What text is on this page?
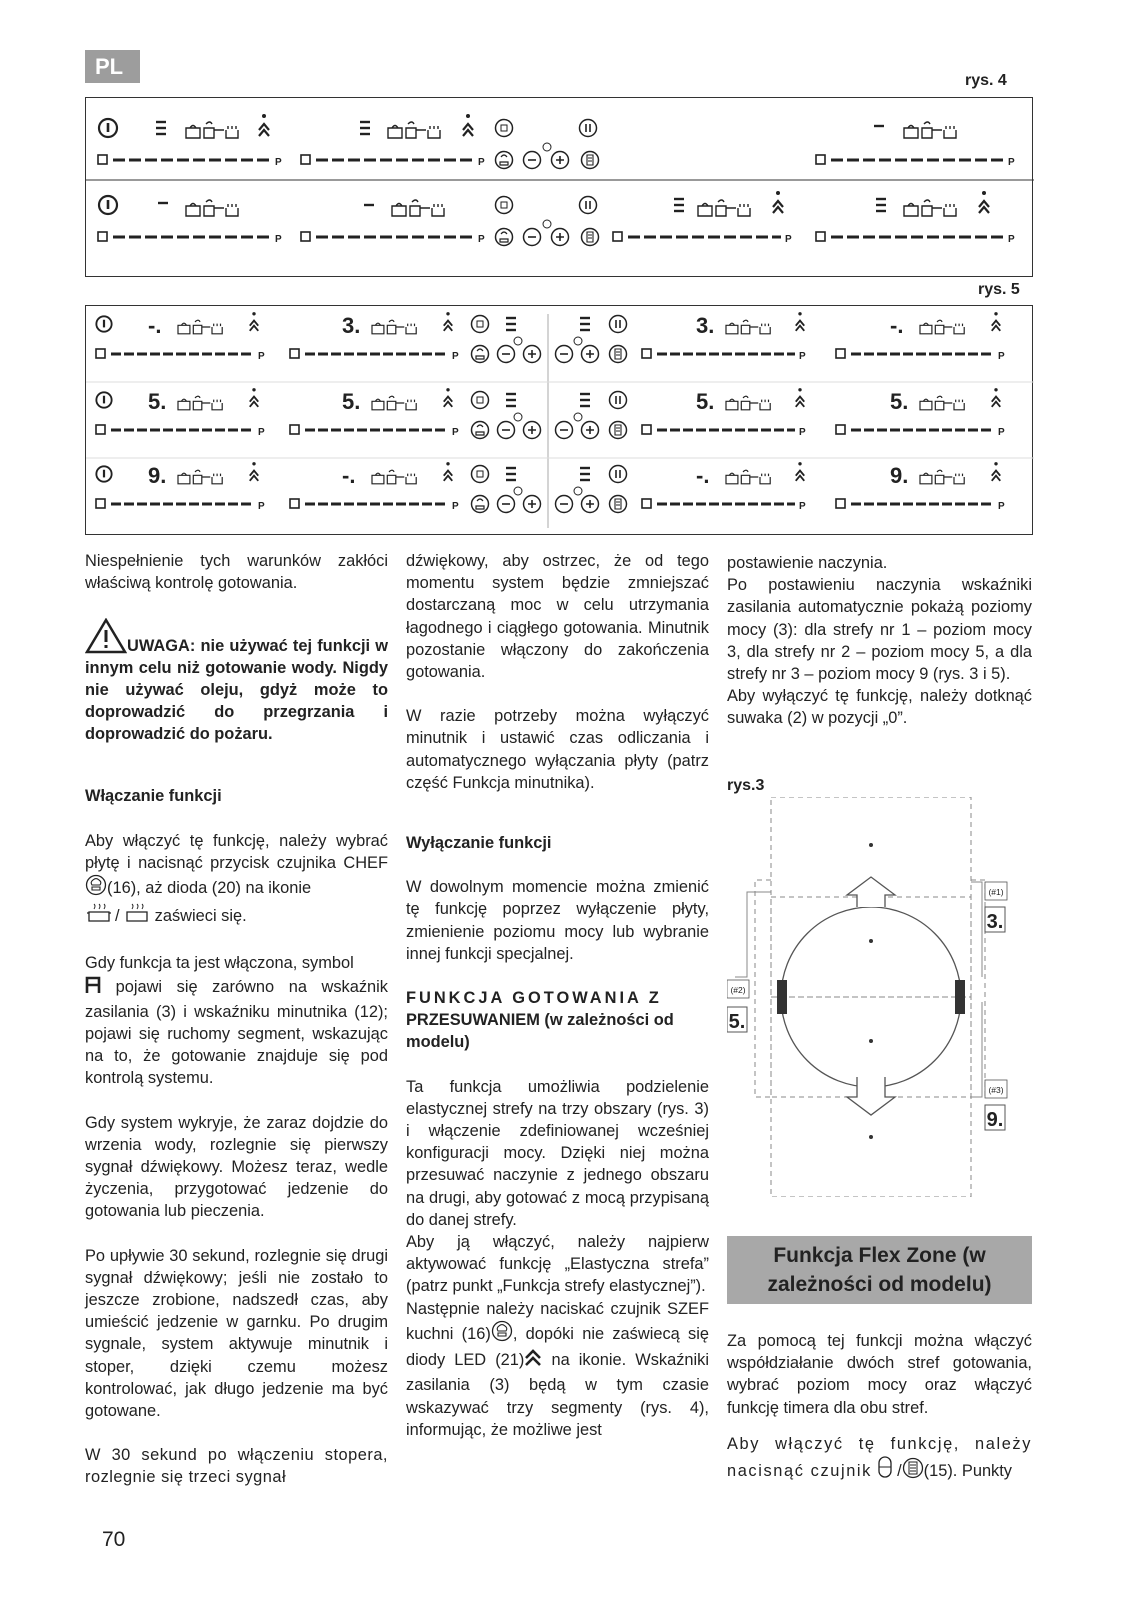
PL
rys. 4
P	P	P
P	P	P	P
rys. 5
-.	3.	3.	-.
P	P	P	P
5.	5.	5.	5.
P	P	P	P
9.	-.	-.	9.
P	P	P	P

Niespełnienie tych warunków zakłóci właściwą kontrolę gotowania.

UWAGA: nie używać tej funkcji w innym celu niż gotowanie wody. Nigdy nie używać oleju, gdyż może to doprowadzić do przegrzania i doprowadzić do pożaru.

Włączanie funkcji

Aby włączyć tę funkcję, należy wybrać płytę i nacisnąć przycisk czujnika CHEF(16), aż dioda (20) na ikonie
/  zaświeci się.

Gdy funkcja ta jest włączona, symbol
pojawi się zarówno na wskaźnik zasilania (3) i wskaźniku minutnika (12); pojawi się ruchomy segment, wskazując na to, że gotowanie znajduje się pod kontrolą systemu.

Gdy system wykryje, że zaraz dojdzie do wrzenia wody, rozlegnie się pierwszy sygnał dźwiękowy. Możesz teraz, wedle życzenia, przygotować jedzenie do gotowania lub pieczenia.

Po upływie 30 sekund, rozlegnie się drugi sygnał dźwiękowy; jeśli nie zostało to jeszcze zrobione, nadszedł czas, aby umieścić jedzenie w garnku. Po drugim sygnale, system aktywuje minutnik i stoper, dzięki czemu możesz kontrolować, jak długo jedzenie ma być gotowane.

W 30 sekund po włączeniu stopera, rozlegnie się trzeci sygnał

dźwiękowy, aby ostrzec, że od tego momentu system będzie zmniejszać dostarczaną moc w celu utrzymania łagodnego i ciągłego gotowania. Minutnik pozostanie włączony do zakończenia gotowania.

W razie potrzeby można wyłączyć minutnik i ustawić czas odliczania i automatycznego wyłączania płyty (patrz część Funkcja minutnika).

Wyłączanie funkcji

W dowolnym momencie można zmienić tę funkcję poprzez wyłączenie płyty, zmienienie poziomu mocy lub wybranie innej funkcji specjalnej.

FUNKCJA GOTOWANIA Z
PRZESUWANIEM (w zależności od modelu)

Ta funkcja umożliwia podzielenie elastycznej strefy na trzy obszary (rys. 3) i włączenie zdefiniowanej wcześniej konfiguracji mocy. Dzięki niej można przesuwać naczynie z jednego obszaru na drugi, aby gotować z mocą przypisaną do danej strefy.

Aby ją włączyć, należy najpierw aktywować funkcję „Elastyczna strefa” (patrz punkt „Funkcja strefy elastycznej”).

Następnie należy naciskać czujnik SZEF kuchni (16) , dopóki nie zaświecą się diody LED (21) na ikonie. Wskaźniki zasilania (3) będą w tym czasie wskazywać trzy segmenty (rys. 4), informując, że możliwe jest

postawienie naczynia.

Po postawieniu naczynia wskaźniki zasilania automatycznie pokażą poziomy mocy (3): dla strefy nr 1 – poziom mocy 3, dla strefy nr 2 – poziom mocy 5, a dla strefy nr 3 – poziom mocy 9 (rys. 3 i 5).

Aby wyłączyć tę funkcję, należy dotknąć suwaka (2) w pozycji „0”.

rys.3
(#1)
(#2)
(#3)
3.
5.
9.
Funkcja Flex Zone (w zależności od modelu)

Za pomocą tej funkcji można włączyć współdziałanie dwóch stref gotowania, wybrać poziom mocy oraz włączyć funkcję timera dla obu stref.

Aby włączyć tę funkcję, należy nacisnąć czujnik / (15). Punkty

70
